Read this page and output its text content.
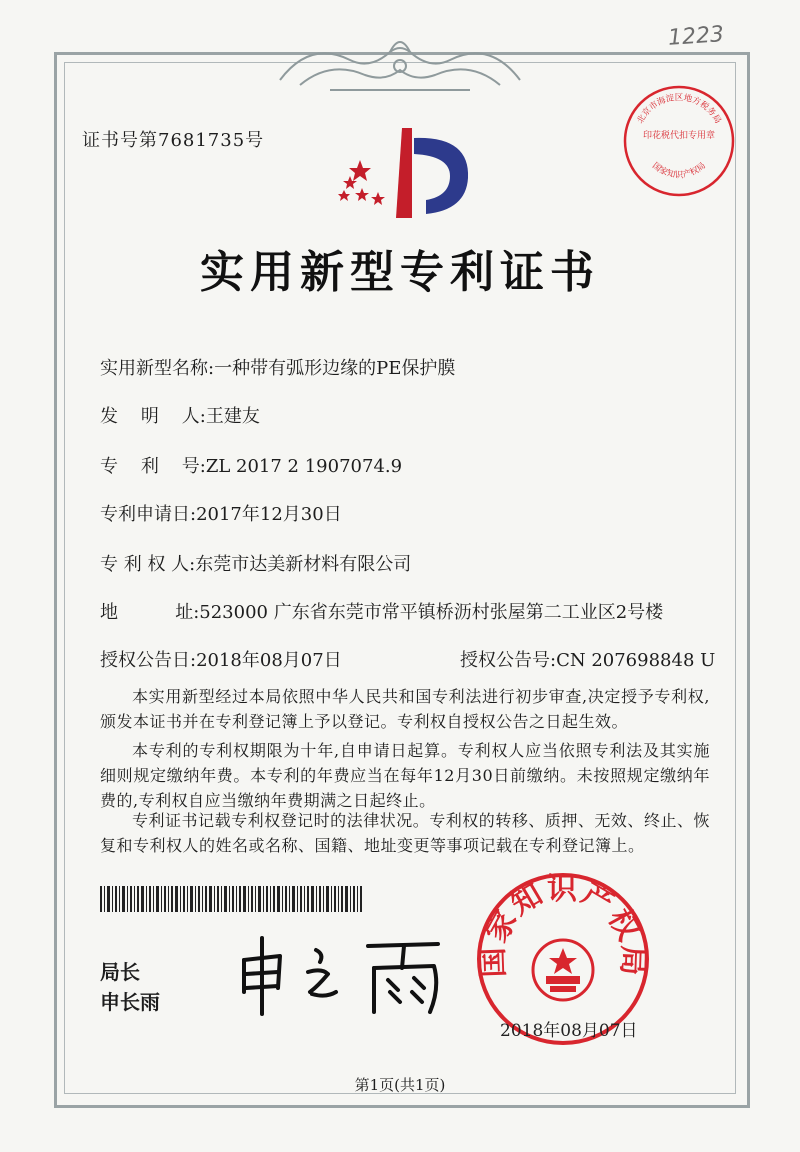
1223
证书号第7681735号
北京市海淀区地方税务局
印花税代扣专用章
国家知识产权局
实用新型专利证书
实用新型名称:一种带有弧形边缘的PE保护膜
发    明    人:王建友
专    利    号:ZL 2017 2 1907074.9
专利申请日:2017年12月30日
专 利 权 人:东莞市达美新材料有限公司
地          址:523000 广东省东莞市常平镇桥沥村张屋第二工业区2号楼
授权公告日:2018年08月07日	授权公告号:CN 207698848 U
本实用新型经过本局依照中华人民共和国专利法进行初步审查,决定授予专利权,颁发本证书并在专利登记簿上予以登记。专利权自授权公告之日起生效。
本专利的专利权期限为十年,自申请日起算。专利权人应当依照专利法及其实施细则规定缴纳年费。本专利的年费应当在每年12月30日前缴纳。未按照规定缴纳年费的,专利权自应当缴纳年费期满之日起终止。
专利证书记载专利权登记时的法律状况。专利权的转移、质押、无效、终止、恢复和专利权人的姓名或名称、国籍、地址变更等事项记载在专利登记簿上。
局长
申长雨
国家知识产权局
2018年08月07日
第1页(共1页)
